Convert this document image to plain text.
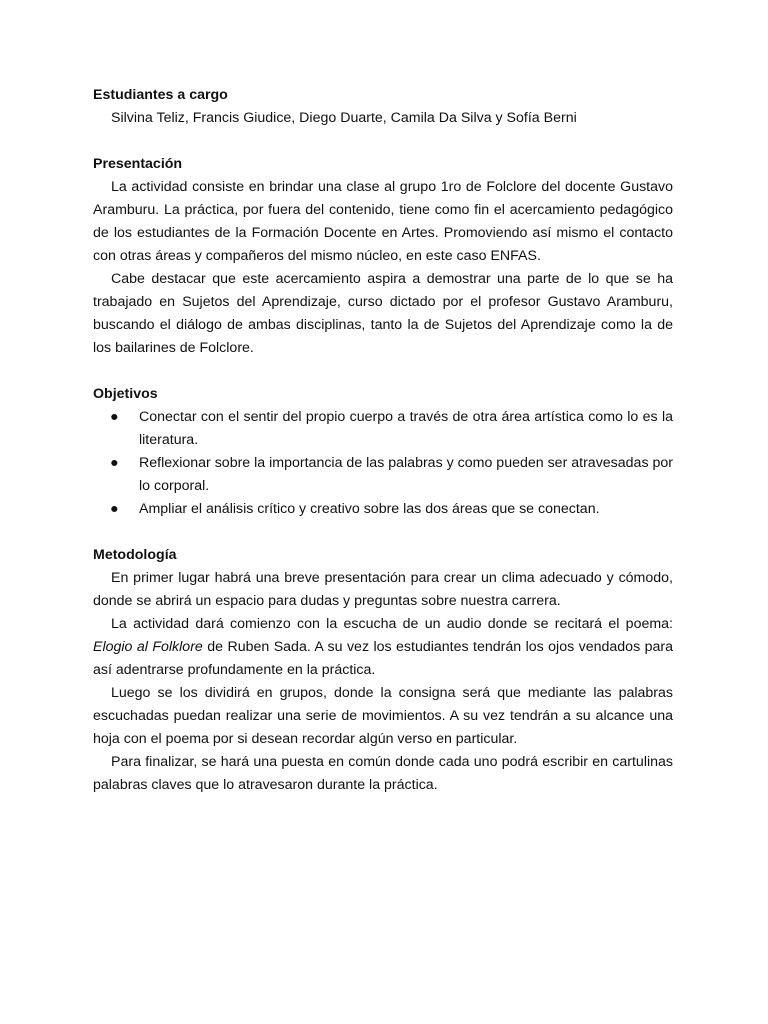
Estudiantes a cargo

Silvina Teliz, Francis Giudice, Diego Duarte, Camila Da Silva y Sofía Berni

Presentación

La actividad consiste en brindar una clase al grupo 1ro de Folclore del docente Gustavo Aramburu. La práctica, por fuera del contenido, tiene como fin el acercamiento pedagógico de los estudiantes de la Formación Docente en Artes. Promoviendo así mismo el contacto con otras áreas y compañeros del mismo núcleo, en este caso ENFAS.

Cabe destacar que este acercamiento aspira a demostrar una parte de lo que se ha trabajado en Sujetos del Aprendizaje, curso dictado por el profesor Gustavo Aramburu, buscando el diálogo de ambas disciplinas, tanto la de Sujetos del Aprendizaje como la de los bailarines de Folclore.

Objetivos

● Conectar con el sentir del propio cuerpo a través de otra área artística como lo es la literatura.
● Reflexionar sobre la importancia de las palabras y como pueden ser atravesadas por lo corporal.
● Ampliar el análisis crítico y creativo sobre las dos áreas que se conectan.

Metodología

En primer lugar habrá una breve presentación para crear un clima adecuado y cómodo, donde se abrirá un espacio para dudas y preguntas sobre nuestra carrera.

La actividad dará comienzo con la escucha de un audio donde se recitará el poema: Elogio al Folklore de Ruben Sada. A su vez los estudiantes tendrán los ojos vendados para así adentrarse profundamente en la práctica.

Luego se los dividirá en grupos, donde la consigna será que mediante las palabras escuchadas puedan realizar una serie de movimientos. A su vez tendrán a su alcance una hoja con el poema por si desean recordar algún verso en particular.

Para finalizar, se hará una puesta en común donde cada uno podrá escribir en cartulinas palabras claves que lo atravesaron durante la práctica.
